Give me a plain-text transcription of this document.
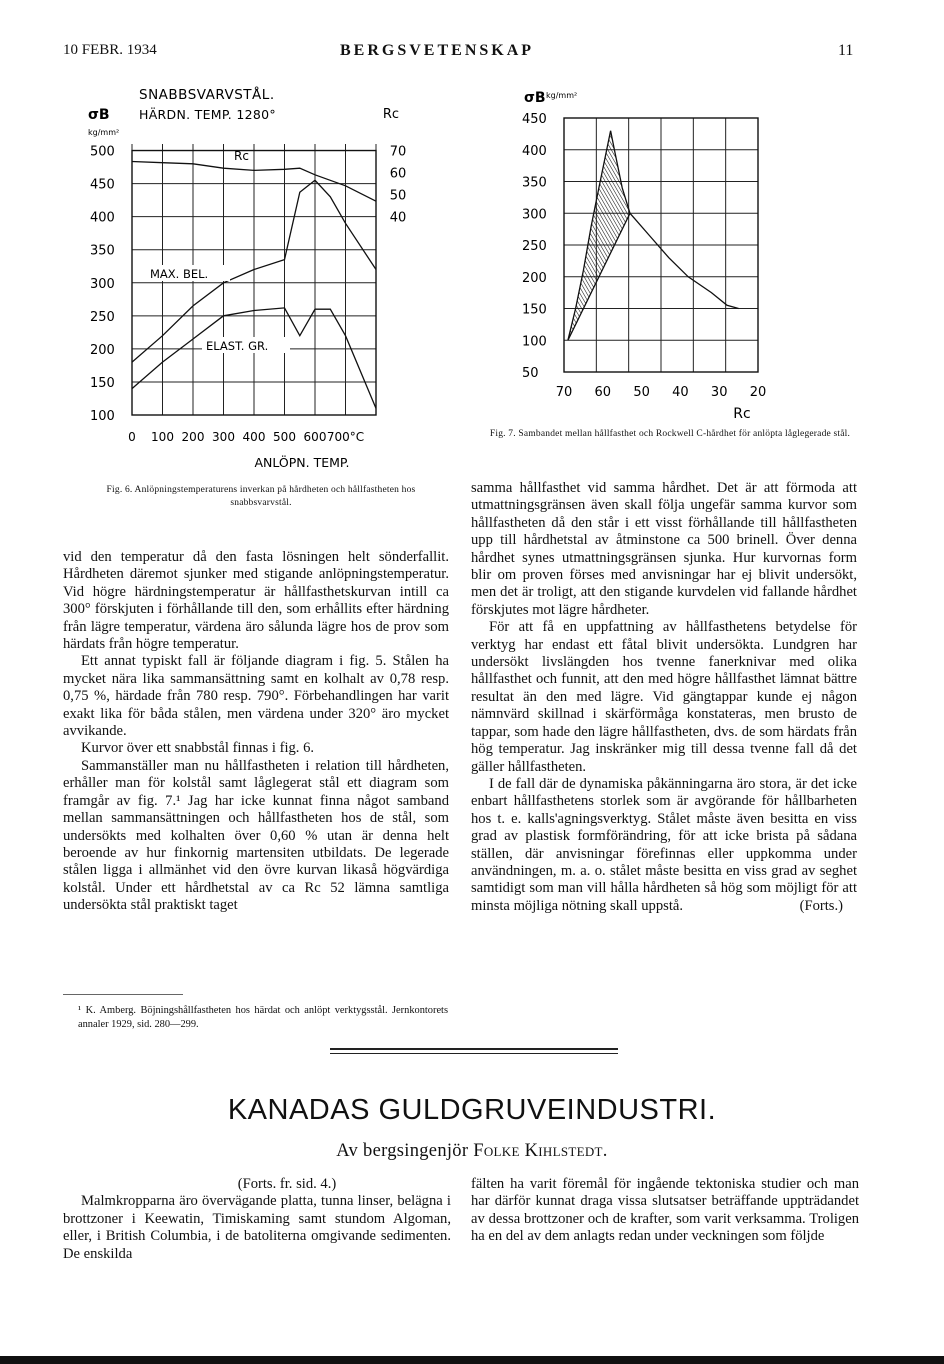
10 FEBR. 1934	BERGSVETENSKAP	11
SNABBSVARVSTÅL.
HÄRDN. TEMP. 1280°
σB
kg/mm²
Rc
500
450
400
350
300
250
200
150
100
70
60
50
40
0 100 200 300 400 500 600 700°C
ANLÖPN. TEMP.
Rc
MAX. BEL.
ELAST. GR.
Fig. 6. Anlöpningstemperaturens inverkan på hårdheten och hållfastheten hos snabbsvarvstål.
σB kg/mm²
450
400
350
300
250
200
150
100
50
70 60 50 40 30 20
Rc
Fig. 7. Sambandet mellan hållfasthet och Rockwell C-hårdhet för anlöpta låglegerade stål.

vid den temperatur då den fasta lösningen helt sönderfallit. Hårdheten däremot sjunker med stigande anlöpningstemperatur. Vid högre härdningstemperatur är hållfasthetskurvan intill ca 300° förskjuten i förhållande till den, som erhållits efter härdning från lägre temperatur, värdena äro sålunda lägre hos de prov som härdats från högre temperatur.

Ett annat typiskt fall är följande diagram i fig. 5. Stålen ha mycket nära lika sammansättning samt en kolhalt av 0,78 resp. 0,75 %, härdade från 780 resp. 790°. Förbehandlingen har varit exakt lika för båda stålen, men värdena under 320° äro mycket avvikande.

Kurvor över ett snabbstål finnas i fig. 6.

Sammanställer man nu hållfastheten i relation till hårdheten, erhåller man för kolstål samt låglegerat stål ett diagram som framgår av fig. 7.¹ Jag har icke kunnat finna något samband mellan sammansättningen och hållfastheten hos de stål, som undersökts med kolhalten över 0,60 % utan är denna helt beroende av hur finkornig martensiten utbildats. De legerade stålen ligga i allmänhet vid den övre kurvan likaså högvärdiga kolstål. Under ett hårdhetstal av ca Rc 52 lämna samtliga undersökta stål praktiskt taget

¹ K. Amberg. Böjningshållfastheten hos härdat och anlöpt verktygsstål. Jernkontorets annaler 1929, sid. 280—299.

samma hållfasthet vid samma hårdhet. Det är att förmoda att utmattningsgränsen även skall följa ungefär samma kurvor som hållfastheten då den står i ett visst förhållande till hållfastheten upp till hårdhetstal av åtminstone ca 500 brinell. Över denna hårdhet synes utmattningsgränsen sjunka. Hur kurvornas form blir om proven förses med anvisningar har ej blivit undersökt, men det är troligt, att den stigande kurvdelen vid fallande hårdhet förskjutes mot lägre hårdheter.

För att få en uppfattning av hållfasthetens betydelse för verktyg har endast ett fåtal blivit undersökta. Lundgren har undersökt livslängden hos tvenne fanerknivar med olika hållfasthet och funnit, att den med högre hållfasthet lämnat bättre resultat än den med lägre. Vid gängtappar kunde ej någon nämnvärd skillnad i skärförmåga konstateras, men brusto de tappar, som hade den lägre hållfastheten, dvs. de som härdats från hög temperatur. Jag inskränker mig till dessa tvenne fall då det gäller hållfastheten.

I de fall där de dynamiska påkänningarna äro stora, är det icke enbart hållfasthetens storlek som är avgörande för hållbarheten hos t. e. kalls'agningsverktyg. Stålet måste även besitta en viss grad av plastisk formförändring, för att icke brista på sådana ställen, där anvisningar förefinnas eller uppkomma under användningen, m. a. o. stålet måste besitta en viss grad av seghet samtidigt som man vill hålla hårdheten så hög som möjligt för att minsta möjliga nötning skall uppstå.	(Forts.)
KANADAS GULDGRUVEINDUSTRI.
Av bergsingenjör Folke Kihlstedt.
(Forts. fr. sid. 4.)

Malmkropparna äro övervägande platta, tunna linser, belägna i brottzoner i Keewatin, Timiskaming samt stundom Algoman, eller, i British Columbia, i de batoliterna omgivande sedimenten. De enskilda

fälten ha varit föremål för ingående tektoniska studier och man har därför kunnat draga vissa slutsatser beträffande uppträdandet av dessa brottzoner och de krafter, som varit verksamma. Troligen ha en del av dem anlagts redan under veckningen som följde
